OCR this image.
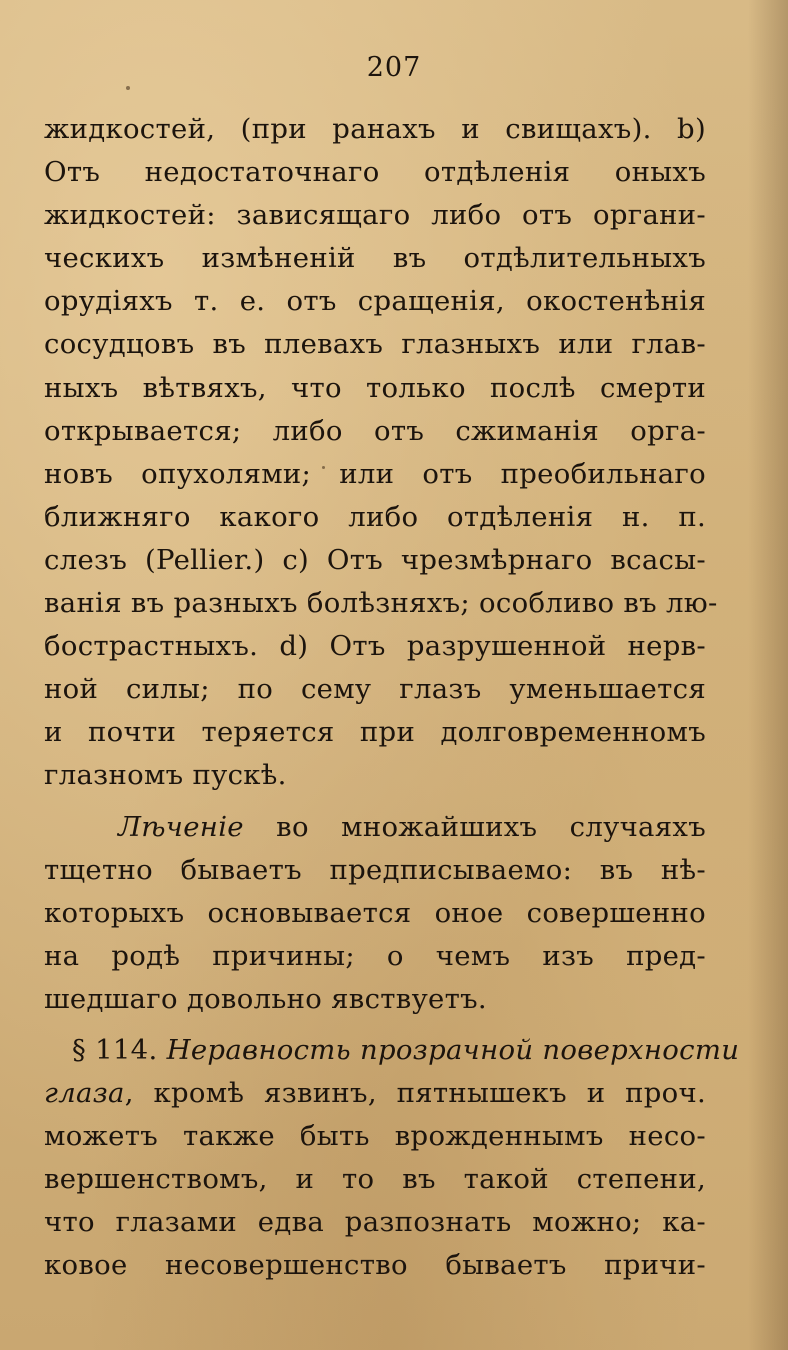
207
жидкостей, (при ранахъ и свищахъ). b)
Отъ недостаточнаго отдѣленія оныхъ
жидкостей: зависящаго либо отъ органи-
ческихъ измѣненій въ отдѣлительныхъ
орудіяхъ т. е. отъ сращенія, окостенѣнія
сосудцовъ въ плевахъ глазныхъ или глав-
ныхъ вѣтвяхъ, что только послѣ смерти
открывается; либо отъ сжиманія орга-
новъ опухолями; или отъ преобильнаго
ближняго какого либо отдѣленія н. п.
слезъ (Pellier.) c) Отъ чрезмѣрнаго всасы-
ванія въ разныхъ болѣзняхъ; особливо въ лю-
бострастныхъ. d) Отъ разрушенной нерв-
ной силы; по сему глазъ уменьшается
и почти теряется при долговременномъ
глазномъ пускѣ.
Лѣченіе во множайшихъ случаяхъ
тщетно бываетъ предписываемо: въ нѣ-
которыхъ основывается оное совершенно
на родѣ причины; о чемъ изъ пред-
шедшаго довольно явствуетъ.
§ 114. Неравность прозрачной поверхности
глаза, кромѣ язвинъ, пятнышекъ и проч.
можетъ также быть врожденнымъ несо-
вершенствомъ, и то въ такой степени,
что глазами едва разпознать можно; ка-
ковое несовершенство бываетъ причи-
